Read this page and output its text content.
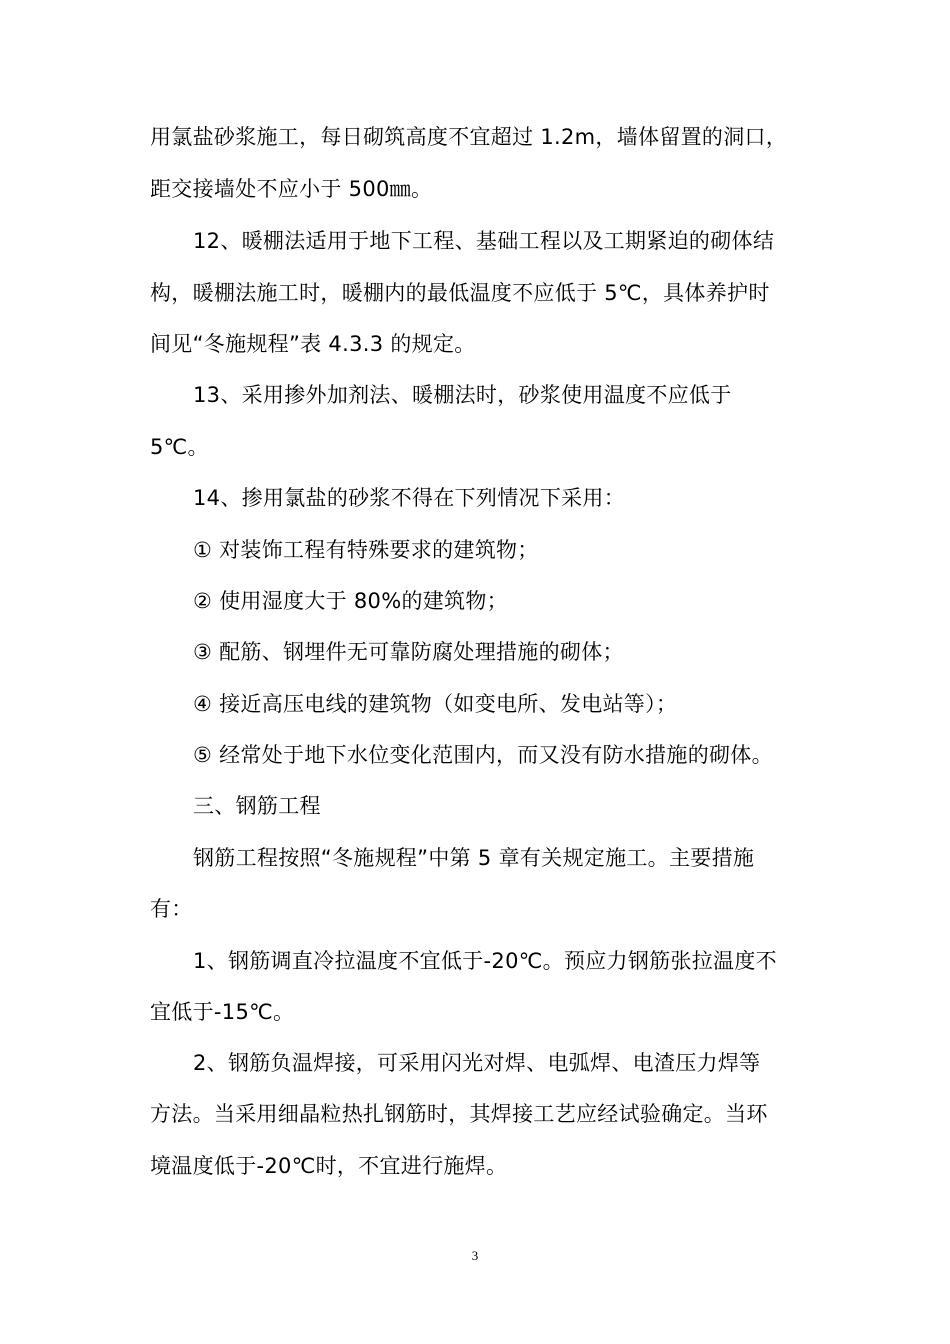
用氯盐砂浆施工，每日砌筑高度不宜超过 1.2m，墙体留置的洞口，
距交接墙处不应小于 500㎜。
12、暖棚法适用于地下工程、基础工程以及工期紧迫的砌体结
构，暖棚法施工时，暖棚内的最低温度不应低于 5℃，具体养护时
间见“冬施规程”表 4.3.3 的规定。
13、采用掺外加剂法、暖棚法时，砂浆使用温度不应低于
5℃。
14、掺用氯盐的砂浆不得在下列情况下采用：
① 对装饰工程有特殊要求的建筑物；
② 使用湿度大于 80%的建筑物；
③ 配筋、钢埋件无可靠防腐处理措施的砌体；
④ 接近高压电线的建筑物（如变电所、发电站等）；
⑤ 经常处于地下水位变化范围内，而又没有防水措施的砌体。
三、钢筋工程
钢筋工程按照“冬施规程”中第 5 章有关规定施工。主要措施
有：
1、钢筋调直冷拉温度不宜低于-20℃。预应力钢筋张拉温度不
宜低于-15℃。
2、钢筋负温焊接，可采用闪光对焊、电弧焊、电渣压力焊等
方法。当采用细晶粒热扎钢筋时，其焊接工艺应经试验确定。当环
境温度低于-20℃时，不宜进行施焊。
3
